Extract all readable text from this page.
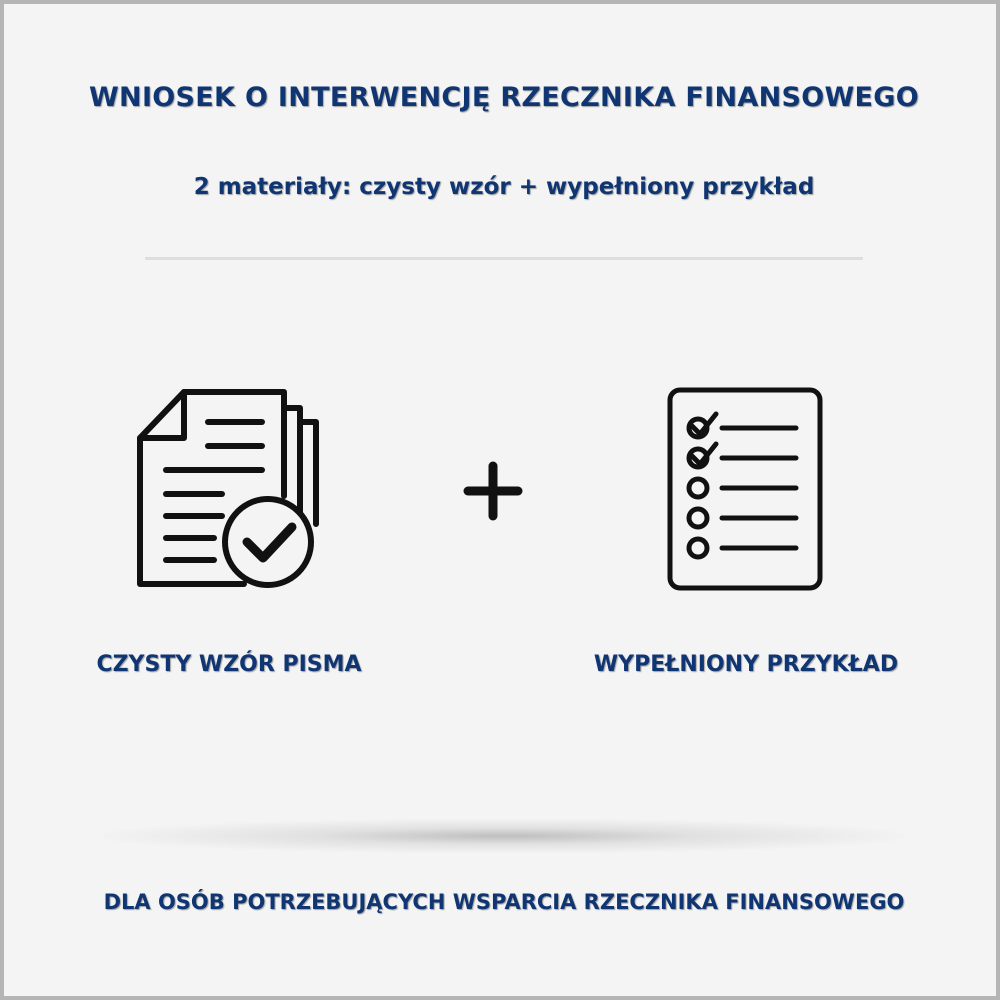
WNIOSEK O INTERWENCJĘ RZECZNIKA FINANSOWEGO
2 materiały: czysty wzór + wypełniony przykład
CZYSTY WZÓR PISMA	WYPEŁNIONY PRZYKŁAD
DLA OSÓB POTRZEBUJĄCYCH WSPARCIA RZECZNIKA FINANSOWEGO
